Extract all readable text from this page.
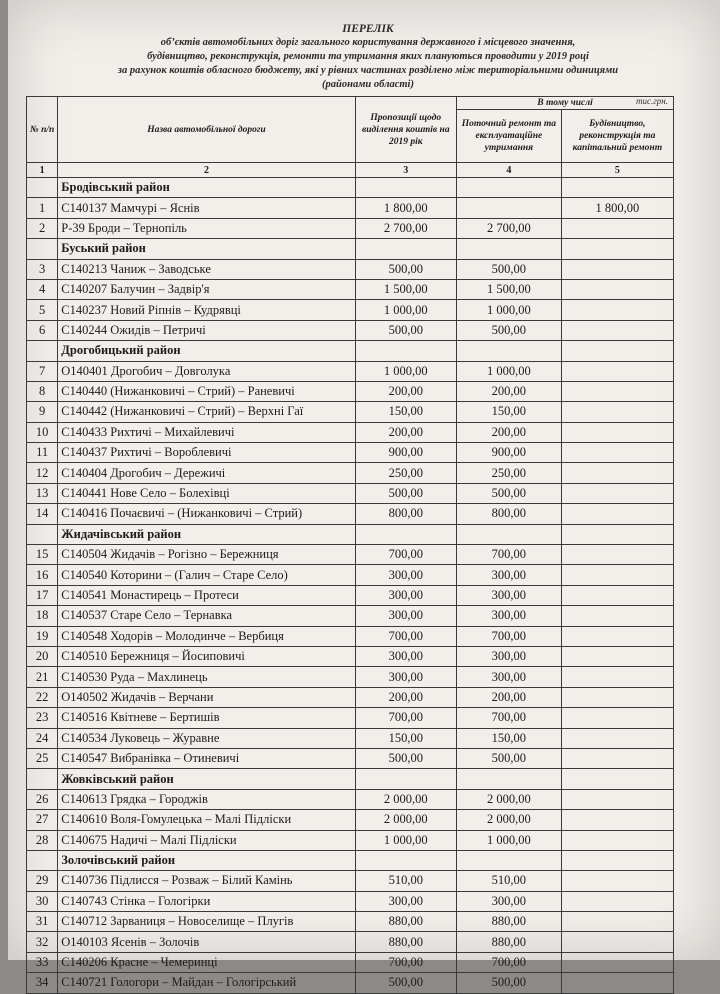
ПЕРЕЛІК
об’єктів автомобільних доріг загального користування державного і місцевого значення,
будівництво, реконструкція, ремонти та утримання яких плануються проводити у 2019 році
за рахунок коштів обласного бюджету, які у рівних частинах розділено між територіальними одиницями
(районами області)
тис.грн.
№ п/п	Назва автомобільної дороги	Пропозиції щодо виділення коштів на 2019 рік	В тому числі	
			Поточний ремонт та експлуатаційне утримання	Будівництво, реконструкція та капітальний ремонт
1	2	3	4	5
	Бродівський район			
1	С140137 Мамчурі – Яснів	1 800,00		1 800,00
2	Р-39 Броди – Тернопіль	2 700,00	2 700,00	
	Буський район			
3	С140213 Чаниж – Заводське	500,00	500,00	
4	С140207 Балучин – Задвір'я	1 500,00	1 500,00	
5	С140237 Новий Ріпнів – Кудрявці	1 000,00	1 000,00	
6	С140244 Ожидів – Петричі	500,00	500,00	
	Дрогобицький район			
7	О140401 Дрогобич – Довголука	1 000,00	1 000,00	
8	С140440 (Нижанковичі – Стрий) – Раневичі	200,00	200,00	
9	С140442 (Нижанковичі – Стрий) – Верхні Гаї	150,00	150,00	
10	С140433 Рихтичі – Михайлевичі	200,00	200,00	
11	С140437 Рихтичі – Вороблевичі	900,00	900,00	
12	С140404 Дрогобич – Дережичі	250,00	250,00	
13	С140441 Нове Село – Болехівці	500,00	500,00	
14	С140416 Почаєвичі – (Нижанковичі – Стрий)	800,00	800,00	
	Жидачівський район			
15	С140504 Жидачів – Рогізно – Бережниця	700,00	700,00	
16	С140540 Которини – (Галич – Старе Село)	300,00	300,00	
17	С140541 Монастирець – Протеси	300,00	300,00	
18	С140537 Старе Село – Тернавка	300,00	300,00	
19	С140548 Ходорів – Молодинче – Вербиця	700,00	700,00	
20	С140510 Бережниця – Йосиповичі	300,00	300,00	
21	С140530 Руда – Махлинець	300,00	300,00	
22	О140502 Жидачів – Верчани	200,00	200,00	
23	С140516 Квітневе – Бертишів	700,00	700,00	
24	С140534 Луковець – Журавне	150,00	150,00	
25	С140547 Вибранівка – Отиневичі	500,00	500,00	
	Жовківський район			
26	С140613 Грядка – Городжів	2 000,00	2 000,00	
27	С140610 Воля-Гомулецька – Малі Підліски	2 000,00	2 000,00	
28	С140675 Надичі – Малі Підліски	1 000,00	1 000,00	
	Золочівський район			
29	С140736 Підлисся – Розваж – Білий Камінь	510,00	510,00	
30	С140743 Стінка – Гологірки	300,00	300,00	
31	С140712 Зарваниця – Новоселище – Плугів	880,00	880,00	
32	О140103 Ясенів – Золочів	880,00	880,00	
33	С140206 Красне – Чемеринці	700,00	700,00	
34	С140721 Гологори – Майдан – Гологірський	500,00	500,00	
